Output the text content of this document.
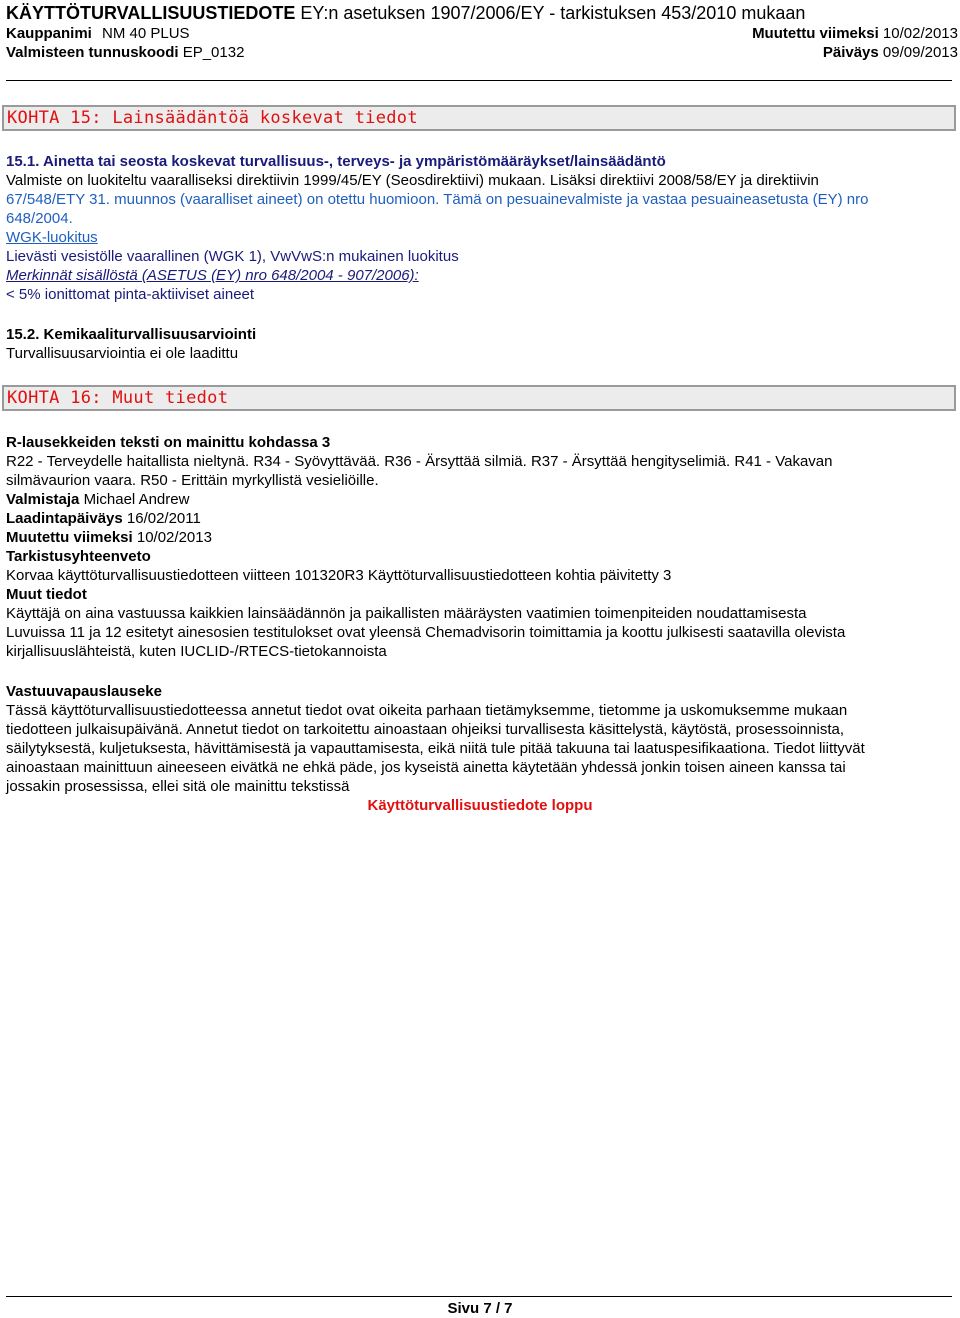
KÄYTTÖTURVALLISUUSTIEDOTE EY:n asetuksen 1907/2006/EY - tarkistuksen 453/2010 mukaan
Kauppanimi NM 40 PLUS	Muutettu viimeksi 10/02/2013
Valmisteen tunnuskoodi EP_0132	Päiväys 09/09/2013
KOHTA 15: Lainsäädäntöä koskevat tiedot
15.1. Ainetta tai seosta koskevat turvallisuus-, terveys- ja ympäristömääräykset/lainsäädäntö
Valmiste on luokiteltu vaaralliseksi direktiivin 1999/45/EY (Seosdirektiivi) mukaan. Lisäksi direktiivi 2008/58/EY ja direktiivin
67/548/ETY 31. muunnos (vaaralliset aineet) on otettu huomioon. Tämä on pesuainevalmiste ja vastaa pesuaineasetusta (EY) nro
648/2004.
WGK-luokitus
Lievästi vesistölle vaarallinen (WGK 1), VwVwS:n mukainen luokitus
Merkinnät sisällöstä (ASETUS (EY) nro 648/2004 - 907/2006):
< 5% ionittomat pinta-aktiiviset aineet
15.2. Kemikaaliturvallisuusarviointi
Turvallisuusarviointia ei ole laadittu
KOHTA 16: Muut tiedot
R-lausekkeiden teksti on mainittu kohdassa 3
R22 - Terveydelle haitallista nieltynä. R34 - Syövyttävää. R36 - Ärsyttää silmiä. R37 - Ärsyttää hengityselimiä. R41 - Vakavan
silmävaurion vaara. R50 - Erittäin myrkyllistä vesieliöille.
Valmistaja Michael Andrew
Laadintapäiväys 16/02/2011
Muutettu viimeksi 10/02/2013
Tarkistusyhteenveto
Korvaa käyttöturvallisuustiedotteen viitteen 101320R3 Käyttöturvallisuustiedotteen kohtia päivitetty 3
Muut tiedot
Käyttäjä on aina vastuussa kaikkien lainsäädännön ja paikallisten määräysten vaatimien toimenpiteiden noudattamisesta
Luvuissa 11 ja 12 esitetyt ainesosien testitulokset ovat yleensä Chemadvisorin toimittamia ja koottu julkisesti saatavilla olevista
kirjallisuuslähteistä, kuten IUCLID-/RTECS-tietokannoista
Vastuuvapauslauseke
Tässä käyttöturvallisuustiedotteessa annetut tiedot ovat oikeita parhaan tietämyksemme, tietomme ja uskomuksemme mukaan
tiedotteen julkaisupäivänä. Annetut tiedot on tarkoitettu ainoastaan ohjeiksi turvallisesta käsittelystä, käytöstä, prosessoinnista,
säilytyksestä, kuljetuksesta, hävittämisestä ja vapauttamisesta, eikä niitä tule pitää takuuna tai laatuspesifikaationa. Tiedot liittyvät
ainoastaan mainittuun aineeseen eivätkä ne ehkä päde, jos kyseistä ainetta käytetään yhdessä jonkin toisen aineen kanssa tai
jossakin prosessissa, ellei sitä ole mainittu tekstissä
Käyttöturvallisuustiedote loppu
Sivu 7 / 7
